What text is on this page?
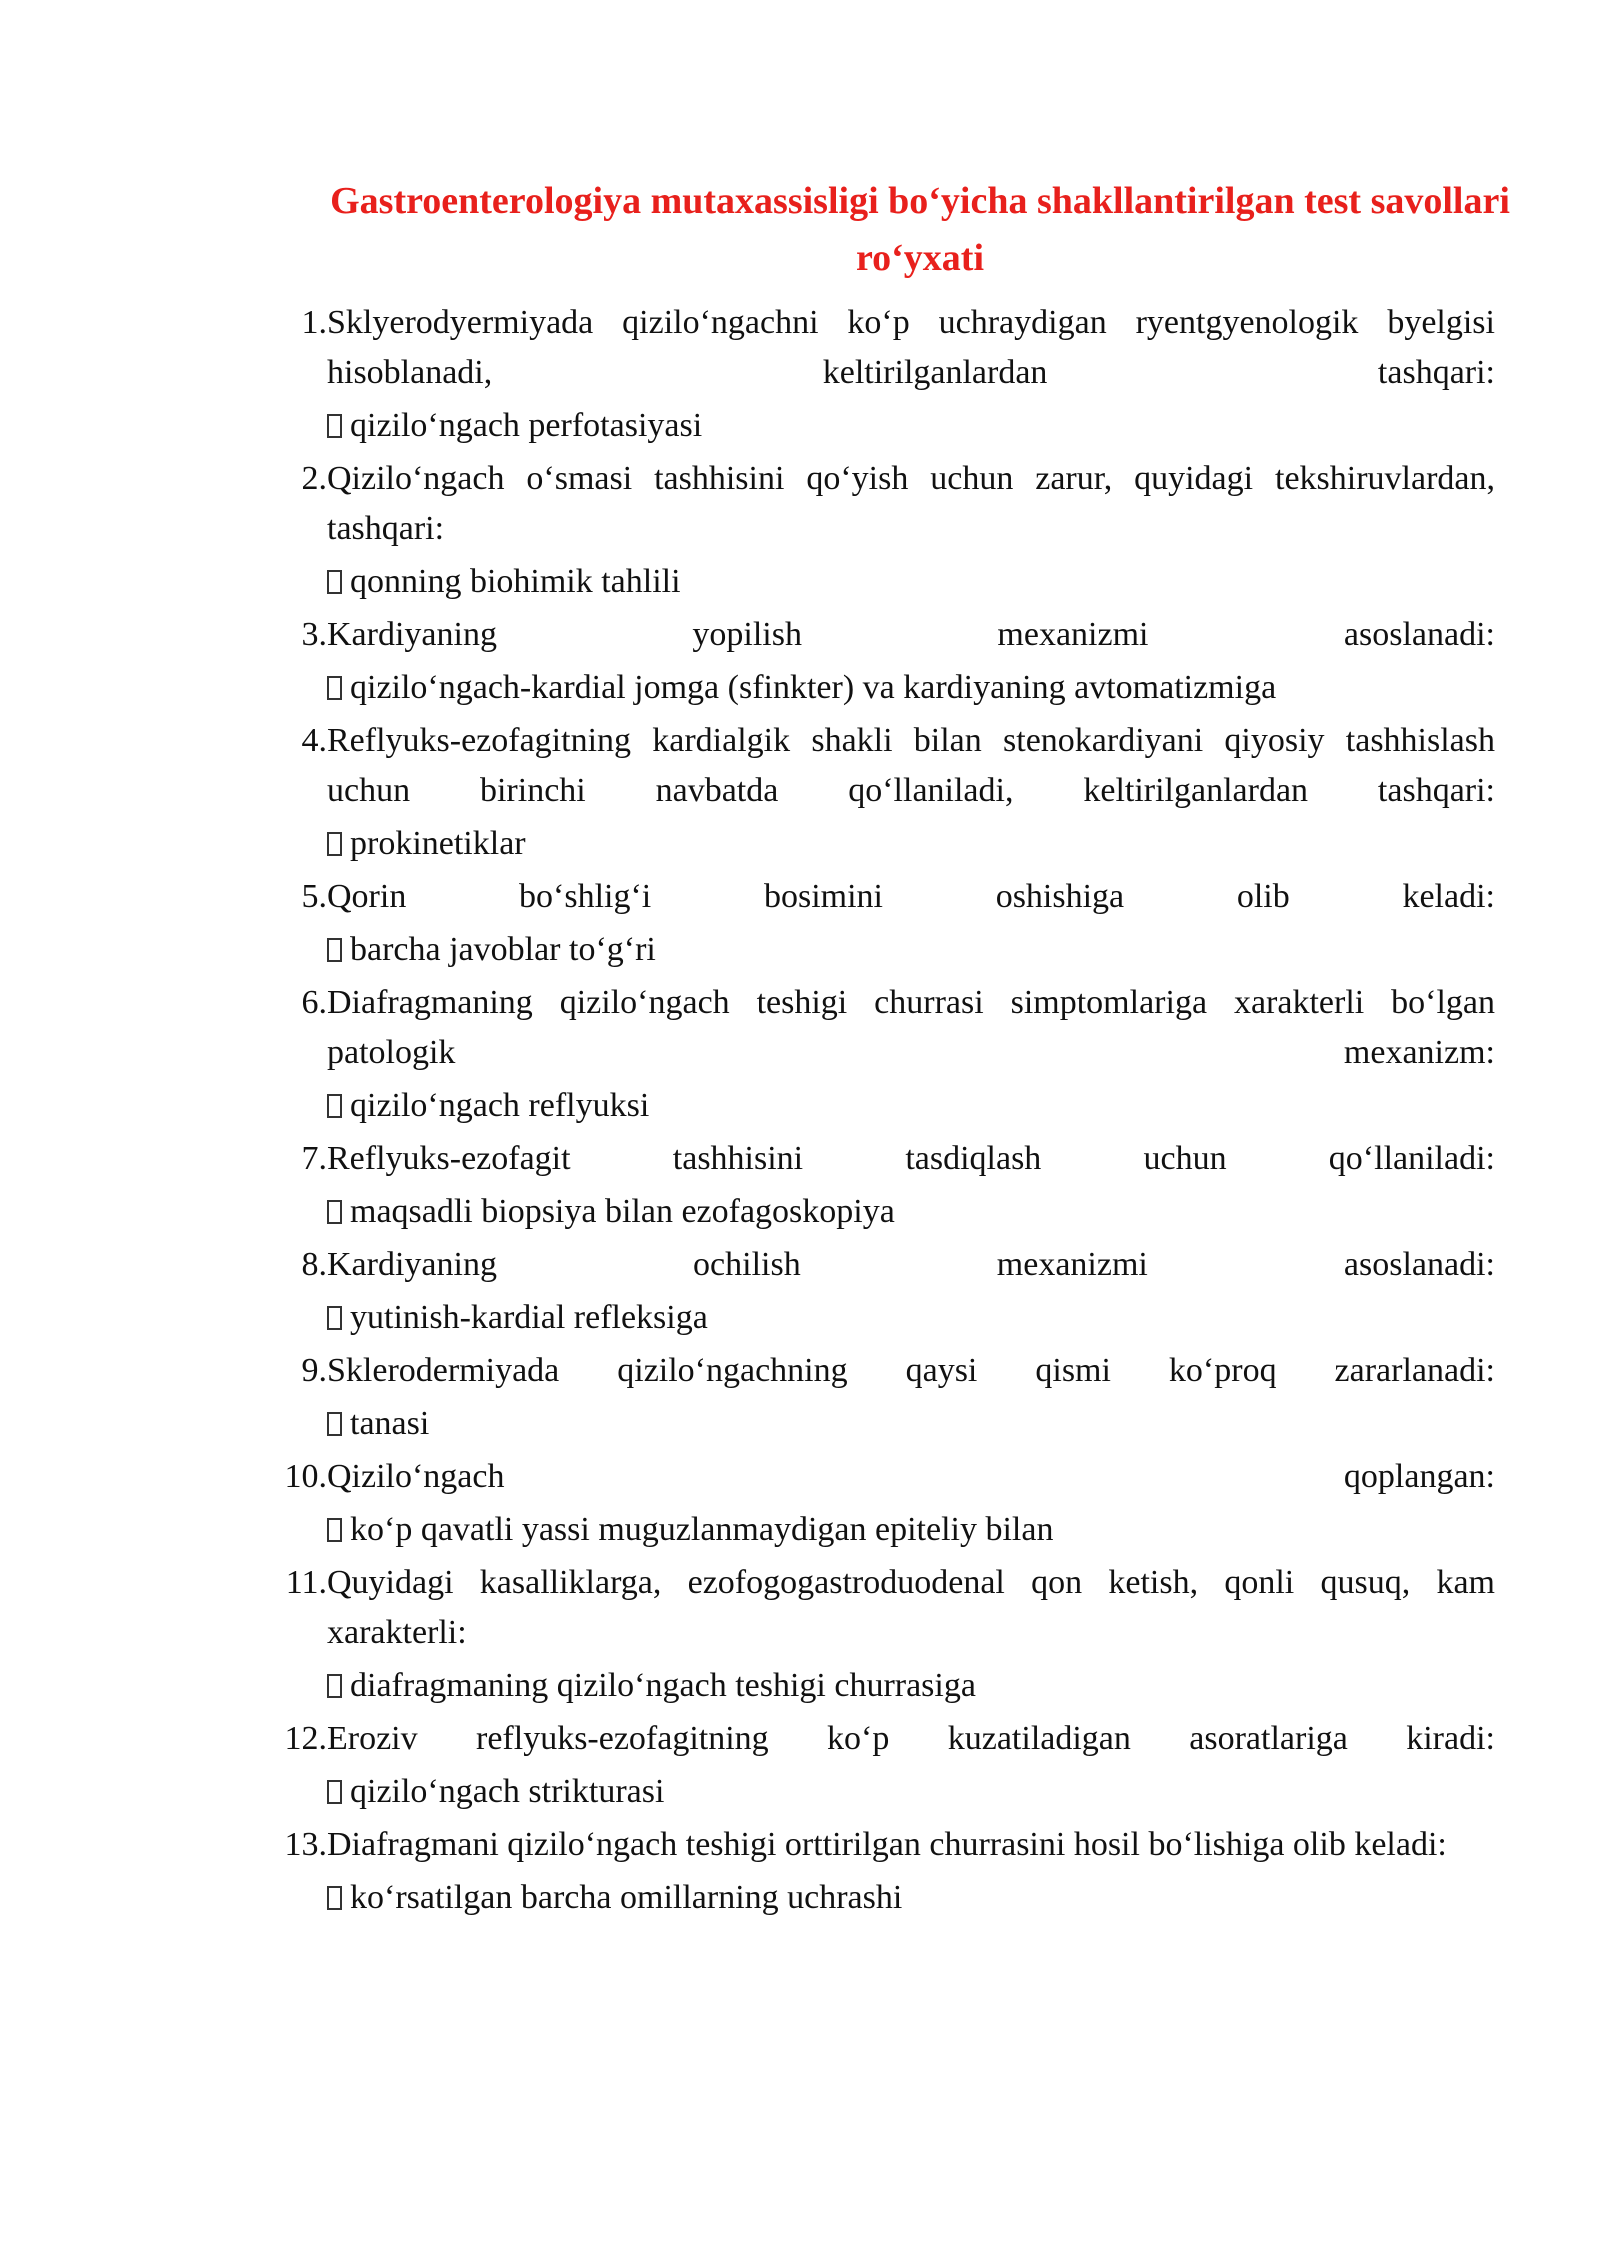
Gastroenterologiya mutaxassisligi boʻyicha shakllantirilgan test savollari roʻyxati
1. Sklyerodyermiyada qiziloʻngachni koʻp uchraydigan ryentgyenologik byelgisi hisoblanadi, keltirilganlardan tashqari:
qiziloʻngach perfotasiyasi
2. Qiziloʻngach oʻsmasi tashhisini qoʻyish uchun zarur, quyidagi tekshiruvlardan, tashqari:
qonning biohimik tahlili
3. Kardiyaning yopilish mexanizmi asoslanadi:
qiziloʻngach-kardial jomga (sfinkter) va kardiyaning avtomatizmiga
4. Reflyuks-ezofagitning kardialgik shakli bilan stenokardiyani qiyosiy tashhislash uchun birinchi navbatda qoʻllaniladi, keltirilganlardan tashqari:
prokinetiklar
5. Qorin boʻshligʻi bosimini oshishiga olib keladi:
barcha javoblar toʻgʻri
6. Diafragmaning qiziloʻngach teshigi churrasi simptomlariga xarakterli boʻlgan patologik mexanizm:
qiziloʻngach reflyuksi
7. Reflyuks-ezofagit tashhisini tasdiqlash uchun qoʻllaniladi:
maqsadli biopsiya bilan ezofagoskopiya
8. Kardiyaning ochilish mexanizmi asoslanadi:
yutinish-kardial refleksiga
9. Sklerodermiyada qiziloʻngachning qaysi qismi koʻproq zararlanadi:
tanasi
10. Qiziloʻngach qoplangan:
koʻp qavatli yassi muguzlanmaydigan epiteliy bilan
11. Quyidagi kasalliklarga, ezofogogastroduodenal qon ketish, qonli qusuq, kam xarakterli:
diafragmaning qiziloʻngach teshigi churrasiga
12. Eroziv reflyuks-ezofagitning koʻp kuzatiladigan asoratlariga kiradi:
qiziloʻngach strikturasi
13. Diafragmani qiziloʻngach teshigi orttirilgan churrasini hosil boʻlishiga olib keladi:
koʻrsatilgan barcha omillarning uchrashi
